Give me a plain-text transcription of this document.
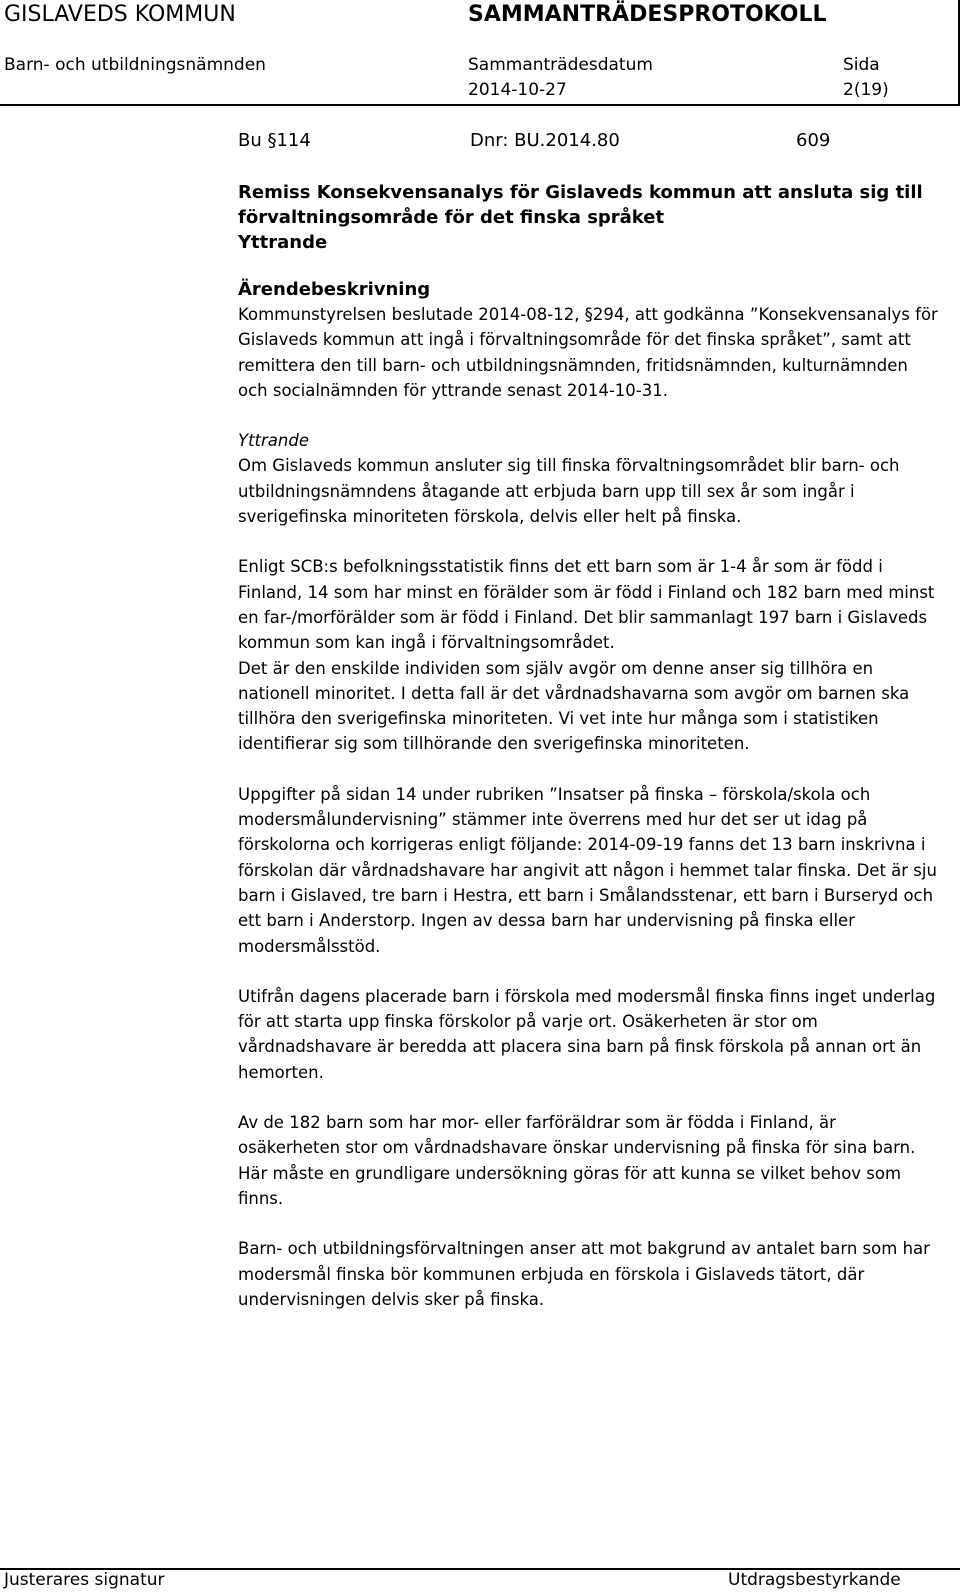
GISLAVEDS KOMMUN	SAMMANTRÄDESPROTOKOLL
Barn- och utbildningsnämnden	Sammanträdesdatum	Sida
2014-10-27	2(19)
Bu §114	Dnr: BU.2014.80	609
Remiss Konsekvensanalys för Gislaveds kommun att ansluta sig till förvaltningsområde för det finska språket
Yttrande
Ärendebeskrivning

Kommunstyrelsen beslutade 2014-08-12, §294, att godkänna ”Konsekvensanalys för Gislaveds kommun att ingå i förvaltningsområde för det finska språket”, samt att remittera den till barn- och utbildningsnämnden, fritidsnämnden, kulturnämnden och socialnämnden för yttrande senast 2014-10-31.

Yttrande

Om Gislaveds kommun ansluter sig till finska förvaltningsområdet blir barn- och utbildningsnämndens åtagande att erbjuda barn upp till sex år som ingår i sverigefinska minoriteten förskola, delvis eller helt på finska.

Enligt SCB:s befolkningsstatistik finns det ett barn som är 1-4 år som är född i Finland, 14 som har minst en förälder som är född i Finland och 182 barn med minst en far-/morförälder som är född i Finland. Det blir sammanlagt 197 barn i Gislaveds kommun som kan ingå i förvaltningsområdet.

Det är den enskilde individen som själv avgör om denne anser sig tillhöra en nationell minoritet. I detta fall är det vårdnadshavarna som avgör om barnen ska tillhöra den sverigefinska minoriteten. Vi vet inte hur många som i statistiken identifierar sig som tillhörande den sverigefinska minoriteten.

Uppgifter på sidan 14 under rubriken ”Insatser på finska – förskola/skola och modersmålundervisning” stämmer inte överrens med hur det ser ut idag på förskolorna och korrigeras enligt följande: 2014-09-19 fanns det 13 barn inskrivna i förskolan där vårdnadshavare har angivit att någon i hemmet talar finska. Det är sju barn i Gislaved, tre barn i Hestra, ett barn i Smålandsstenar, ett barn i Burseryd och ett barn i Anderstorp. Ingen av dessa barn har undervisning på finska eller modersmålsstöd.

Utifrån dagens placerade barn i förskola med modersmål finska finns inget underlag för att starta upp finska förskolor på varje ort. Osäkerheten är stor om vårdnadshavare är beredda att placera sina barn på finsk förskola på annan ort än hemorten.

Av de 182 barn som har mor- eller farföräldrar som är födda i Finland, är osäkerheten stor om vårdnadshavare önskar undervisning på finska för sina barn. Här måste en grundligare undersökning göras för att kunna se vilket behov som finns.

Barn- och utbildningsförvaltningen anser att mot bakgrund av antalet barn som har modersmål finska bör kommunen erbjuda en förskola i Gislaveds tätort, där undervisningen delvis sker på finska.

Justerares signatur	Utdragsbestyrkande
